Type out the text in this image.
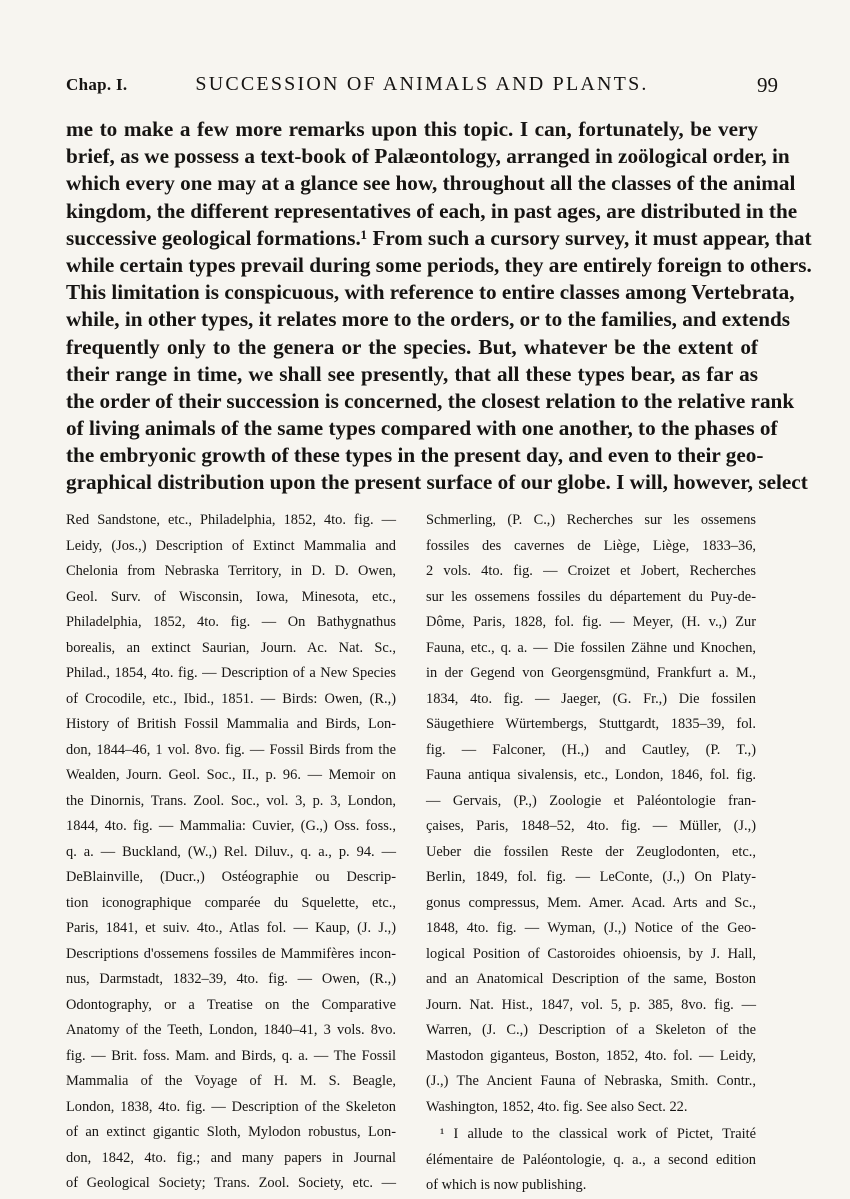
Chap. I.	SUCCESSION OF ANIMALS AND PLANTS.	99
me to make a few more remarks upon this topic. I can, fortunately, be very
brief, as we possess a text-book of Palæontology, arranged in zoölogical order, in
which every one may at a glance see how, throughout all the classes of the animal
kingdom, the different representatives of each, in past ages, are distributed in the
successive geological formations.¹ From such a cursory survey, it must appear, that
while certain types prevail during some periods, they are entirely foreign to others.
This limitation is conspicuous, with reference to entire classes among Vertebrata,
while, in other types, it relates more to the orders, or to the families, and extends
frequently only to the genera or the species. But, whatever be the extent of
their range in time, we shall see presently, that all these types bear, as far as
the order of their succession is concerned, the closest relation to the relative rank
of living animals of the same types compared with one another, to the phases of
the embryonic growth of these types in the present day, and even to their geo-
graphical distribution upon the present surface of our globe. I will, however, select
Red Sandstone, etc., Philadelphia, 1852, 4to. fig. —
Leidy, (Jos.,) Description of Extinct Mammalia and
Chelonia from Nebraska Territory, in D. D. Owen,
Geol. Surv. of Wisconsin, Iowa, Minesota, etc.,
Philadelphia, 1852, 4to. fig. — On Bathygnathus
borealis, an extinct Saurian, Journ. Ac. Nat. Sc.,
Philad., 1854, 4to. fig. — Description of a New Species
of Crocodile, etc., Ibid., 1851. — Birds: Owen, (R.,)
History of British Fossil Mammalia and Birds, Lon-
don, 1844–46, 1 vol. 8vo. fig. — Fossil Birds from the
Wealden, Journ. Geol. Soc., II., p. 96. — Memoir on
the Dinornis, Trans. Zool. Soc., vol. 3, p. 3, London,
1844, 4to. fig. — Mammalia: Cuvier, (G.,) Oss. foss.,
q. a. — Buckland, (W.,) Rel. Diluv., q. a., p. 94. —
DeBlainville, (Ducr.,) Ostéographie ou Descrip-
tion iconographique comparée du Squelette, etc.,
Paris, 1841, et suiv. 4to., Atlas fol. — Kaup, (J. J.,)
Descriptions d'ossemens fossiles de Mammifères incon-
nus, Darmstadt, 1832–39, 4to. fig. — Owen, (R.,)
Odontography, or a Treatise on the Comparative
Anatomy of the Teeth, London, 1840–41, 3 vols. 8vo.
fig. — Brit. foss. Mam. and Birds, q. a. — The Fossil
Mammalia of the Voyage of H. M. S. Beagle,
London, 1838, 4to. fig. — Description of the Skeleton
of an extinct gigantic Sloth, Mylodon robustus, Lon-
don, 1842, 4to. fig.; and many papers in Journal
of Geological Society; Trans. Zool. Society, etc. —
Schmerling, (P. C.,) Recherches sur les ossemens
fossiles des cavernes de Liège, Liège, 1833–36,
2 vols. 4to. fig. — Croizet et Jobert, Recherches
sur les ossemens fossiles du département du Puy-de-
Dôme, Paris, 1828, fol. fig. — Meyer, (H. v.,) Zur
Fauna, etc., q. a. — Die fossilen Zähne und Knochen,
in der Gegend von Georgensgmünd, Frankfurt a. M.,
1834, 4to. fig. — Jaeger, (G. Fr.,) Die fossilen
Säugethiere Würtembergs, Stuttgardt, 1835–39, fol.
fig. — Falconer, (H.,) and Cautley, (P. T.,)
Fauna antiqua sivalensis, etc., London, 1846, fol. fig.
— Gervais, (P.,) Zoologie et Paléontologie fran-
çaises, Paris, 1848–52, 4to. fig. — Müller, (J.,)
Ueber die fossilen Reste der Zeuglodonten, etc.,
Berlin, 1849, fol. fig. — LeConte, (J.,) On Platy-
gonus compressus, Mem. Amer. Acad. Arts and Sc.,
1848, 4to. fig. — Wyman, (J.,) Notice of the Geo-
logical Position of Castoroides ohioensis, by J. Hall,
and an Anatomical Description of the same, Boston
Journ. Nat. Hist., 1847, vol. 5, p. 385, 8vo. fig. —
Warren, (J. C.,) Description of a Skeleton of the
Mastodon giganteus, Boston, 1852, 4to. fol. — Leidy,
(J.,) The Ancient Fauna of Nebraska, Smith. Contr.,
Washington, 1852, 4to. fig. See also Sect. 22.
¹ I allude to the classical work of Pictet, Traité
élémentaire de Paléontologie, q. a., a second edition
of which is now publishing.
